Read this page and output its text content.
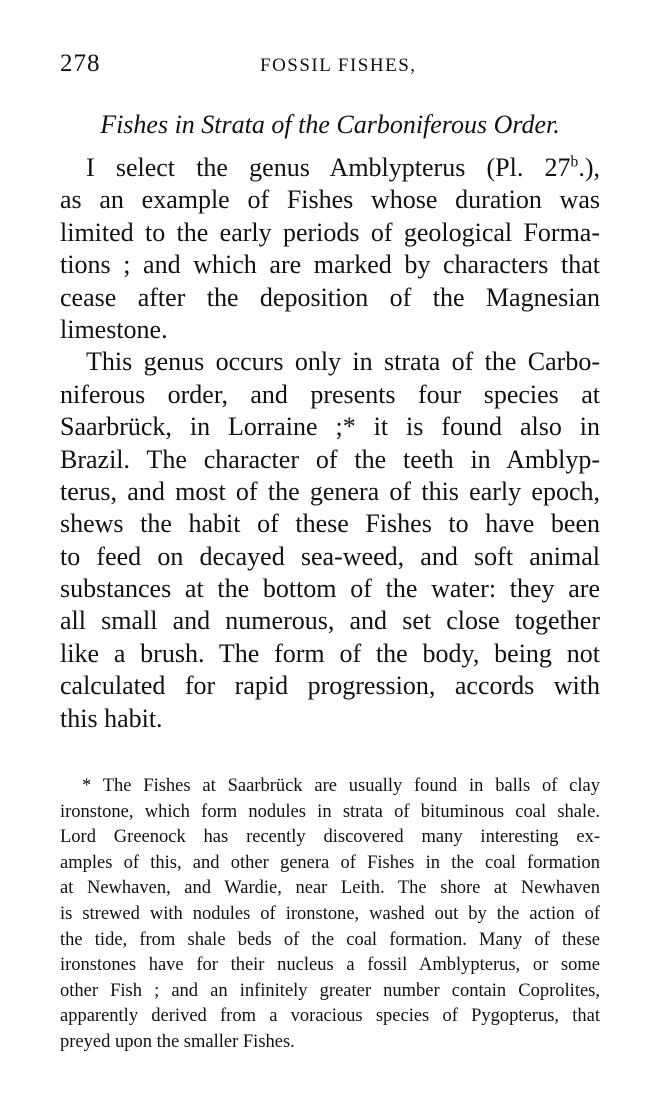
278	FOSSIL FISHES,
Fishes in Strata of the Carboniferous Order.
I select the genus Amblypterus (Pl. 27$^b$.),
as an example of Fishes whose duration was
limited to the early periods of geological Forma-
tions ; and which are marked by characters that
cease after the deposition of the Magnesian
limestone.
This genus occurs only in strata of the Carbo-
niferous order, and presents four species at
Saarbrück, in Lorraine ;* it is found also in
Brazil. The character of the teeth in Amblyp-
terus, and most of the genera of this early epoch,
shews the habit of these Fishes to have been
to feed on decayed sea-weed, and soft animal
substances at the bottom of the water: they are
all small and numerous, and set close together
like a brush. The form of the body, being not
calculated for rapid progression, accords with
this habit.
* The Fishes at Saarbrück are usually found in balls of clay
ironstone, which form nodules in strata of bituminous coal shale.
Lord Greenock has recently discovered many interesting ex-
amples of this, and other genera of Fishes in the coal formation
at Newhaven, and Wardie, near Leith. The shore at Newhaven
is strewed with nodules of ironstone, washed out by the action of
the tide, from shale beds of the coal formation. Many of these
ironstones have for their nucleus a fossil Amblypterus, or some
other Fish ; and an infinitely greater number contain Coprolites,
apparently derived from a voracious species of Pygopterus, that
preyed upon the smaller Fishes.
